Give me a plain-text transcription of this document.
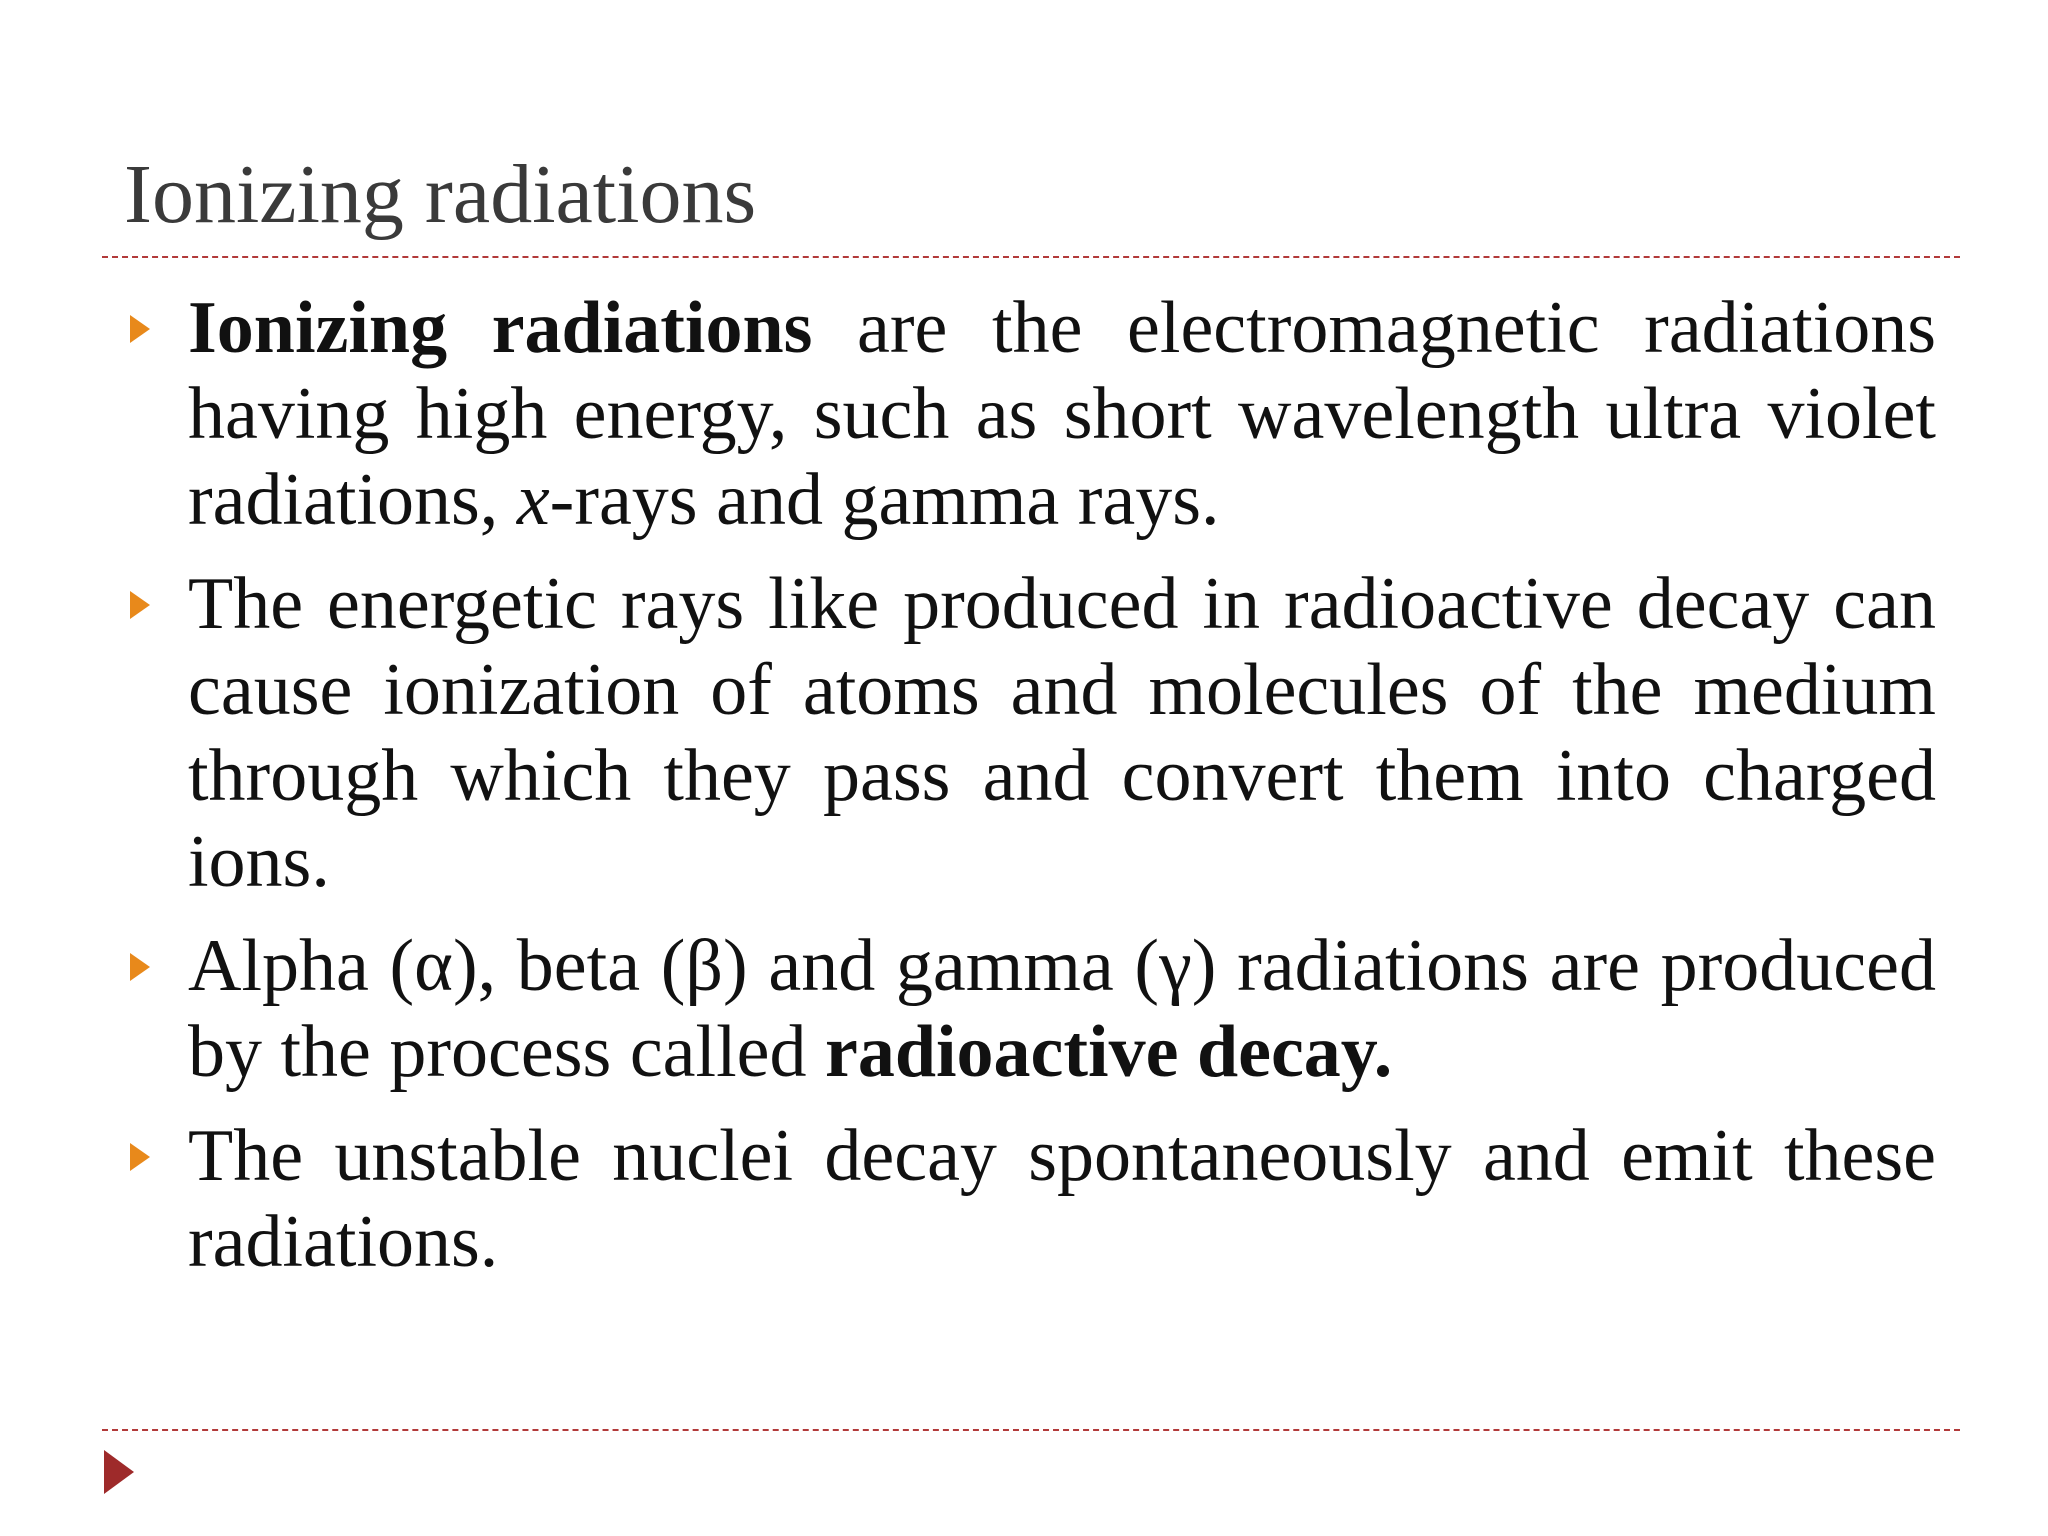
Ionizing radiations
Ionizing radiations are the electromagnetic radiations having high energy, such as short wavelength ultra violet radiations, x-rays and gamma rays.
The energetic rays like produced in radioactive decay can cause ionization of atoms and molecules of the medium through which they pass and convert them into charged ions.
Alpha (α), beta (β) and gamma (γ) radiations are produced by the process called radioactive decay.
The unstable nuclei decay spontaneously and emit these radiations.
